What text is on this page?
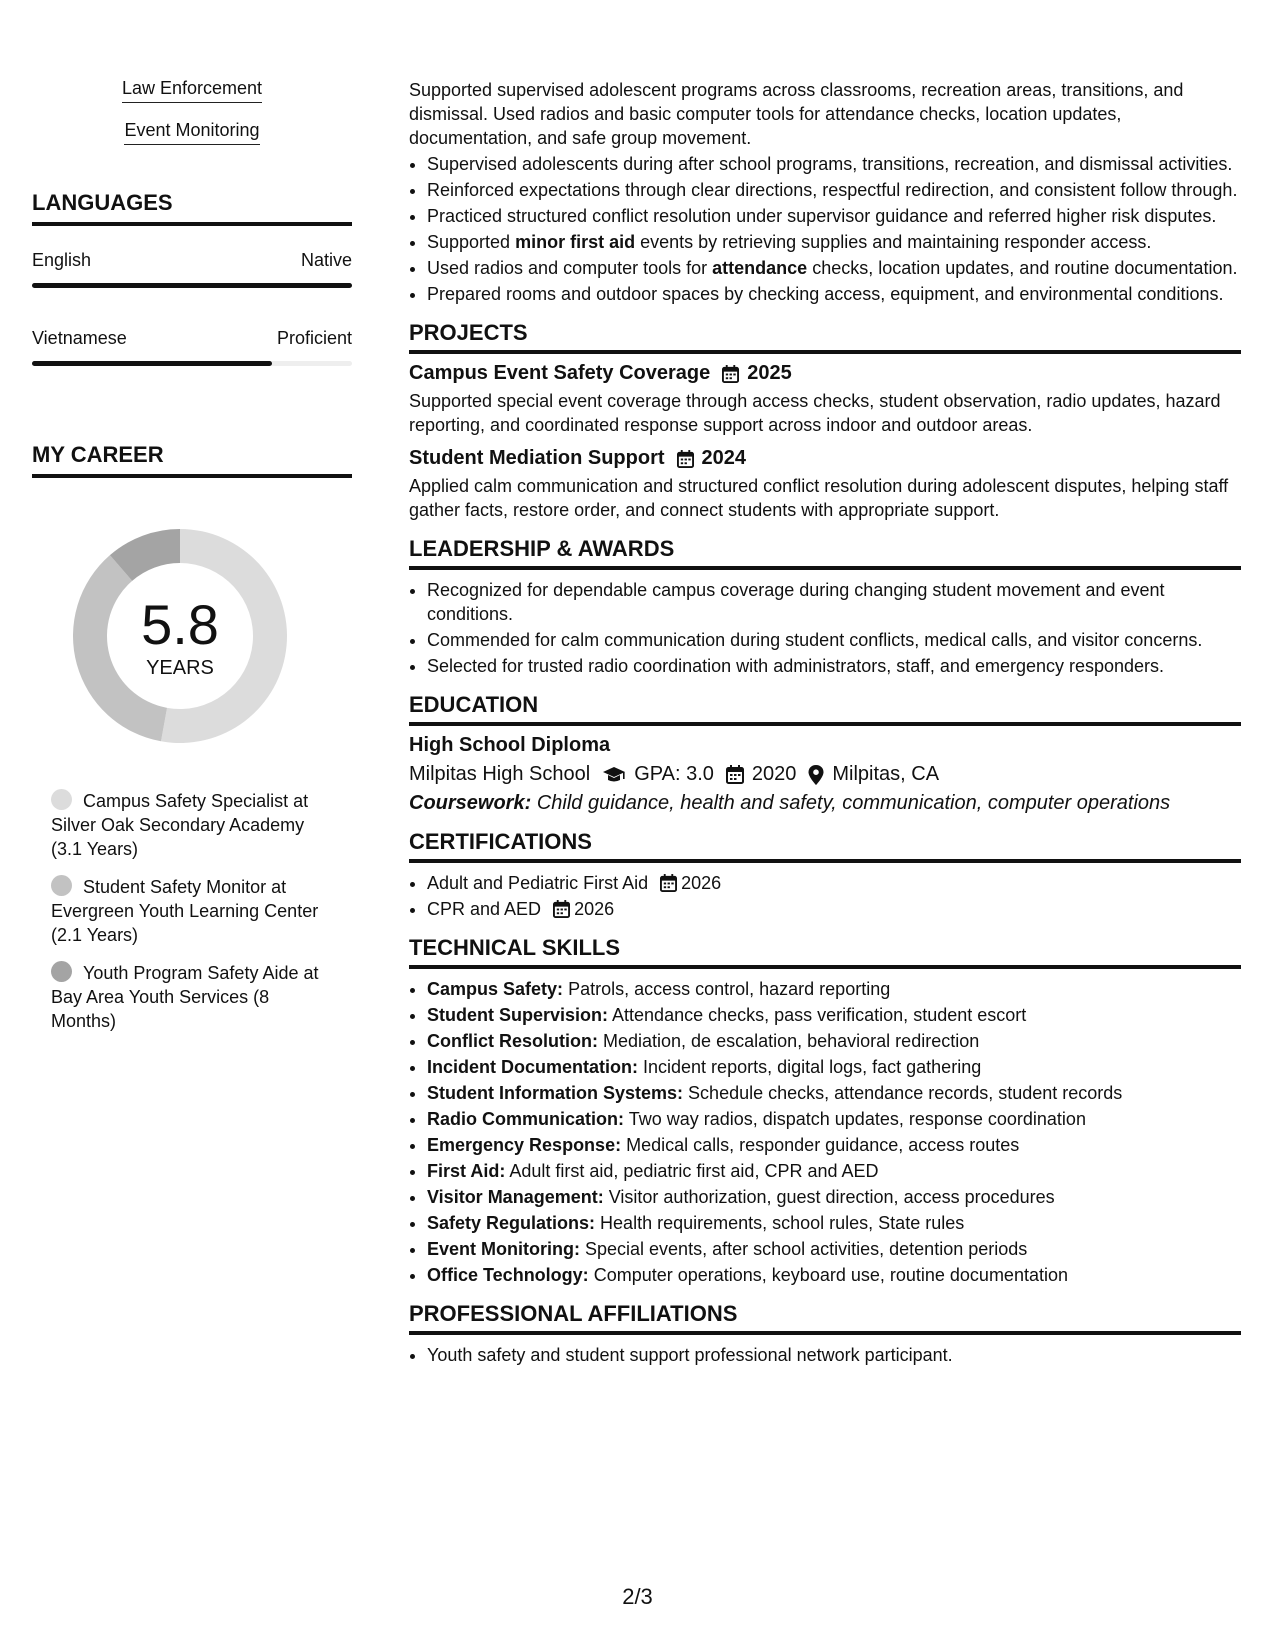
Law Enforcement
Event Monitoring
LANGUAGES
English	Native
Vietnamese	Proficient
MY CAREER
5.8
YEARS
Campus Safety Specialist at Silver Oak Secondary Academy (3.1 Years)
Student Safety Monitor at Evergreen Youth Learning Center (2.1 Years)
Youth Program Safety Aide at Bay Area Youth Services (8 Months)
Supported supervised adolescent programs across classrooms, recreation areas, transitions, and dismissal. Used radios and basic computer tools for attendance checks, location updates, documentation, and safe group movement.
• Supervised adolescents during after school programs, transitions, recreation, and dismissal activities.
• Reinforced expectations through clear directions, respectful redirection, and consistent follow through.
• Practiced structured conflict resolution under supervisor guidance and referred higher risk disputes.
• Supported minor first aid events by retrieving supplies and maintaining responder access.
• Used radios and computer tools for attendance checks, location updates, and routine documentation.
• Prepared rooms and outdoor spaces by checking access, equipment, and environmental conditions.
PROJECTS
Campus Event Safety Coverage 2025
Supported special event coverage through access checks, student observation, radio updates, hazard reporting, and coordinated response support across indoor and outdoor areas.
Student Mediation Support 2024
Applied calm communication and structured conflict resolution during adolescent disputes, helping staff gather facts, restore order, and connect students with appropriate support.
LEADERSHIP & AWARDS
• Recognized for dependable campus coverage during changing student movement and event conditions.
• Commended for calm communication during student conflicts, medical calls, and visitor concerns.
• Selected for trusted radio coordination with administrators, staff, and emergency responders.
EDUCATION
High School Diploma
Milpitas High School GPA: 3.0 2020 Milpitas, CA
Coursework: Child guidance, health and safety, communication, computer operations
CERTIFICATIONS
• Adult and Pediatric First Aid 2026
• CPR and AED 2026
TECHNICAL SKILLS
• Campus Safety: Patrols, access control, hazard reporting
• Student Supervision: Attendance checks, pass verification, student escort
• Conflict Resolution: Mediation, de escalation, behavioral redirection
• Incident Documentation: Incident reports, digital logs, fact gathering
• Student Information Systems: Schedule checks, attendance records, student records
• Radio Communication: Two way radios, dispatch updates, response coordination
• Emergency Response: Medical calls, responder guidance, access routes
• First Aid: Adult first aid, pediatric first aid, CPR and AED
• Visitor Management: Visitor authorization, guest direction, access procedures
• Safety Regulations: Health requirements, school rules, State rules
• Event Monitoring: Special events, after school activities, detention periods
• Office Technology: Computer operations, keyboard use, routine documentation
PROFESSIONAL AFFILIATIONS
• Youth safety and student support professional network participant.
2/3
